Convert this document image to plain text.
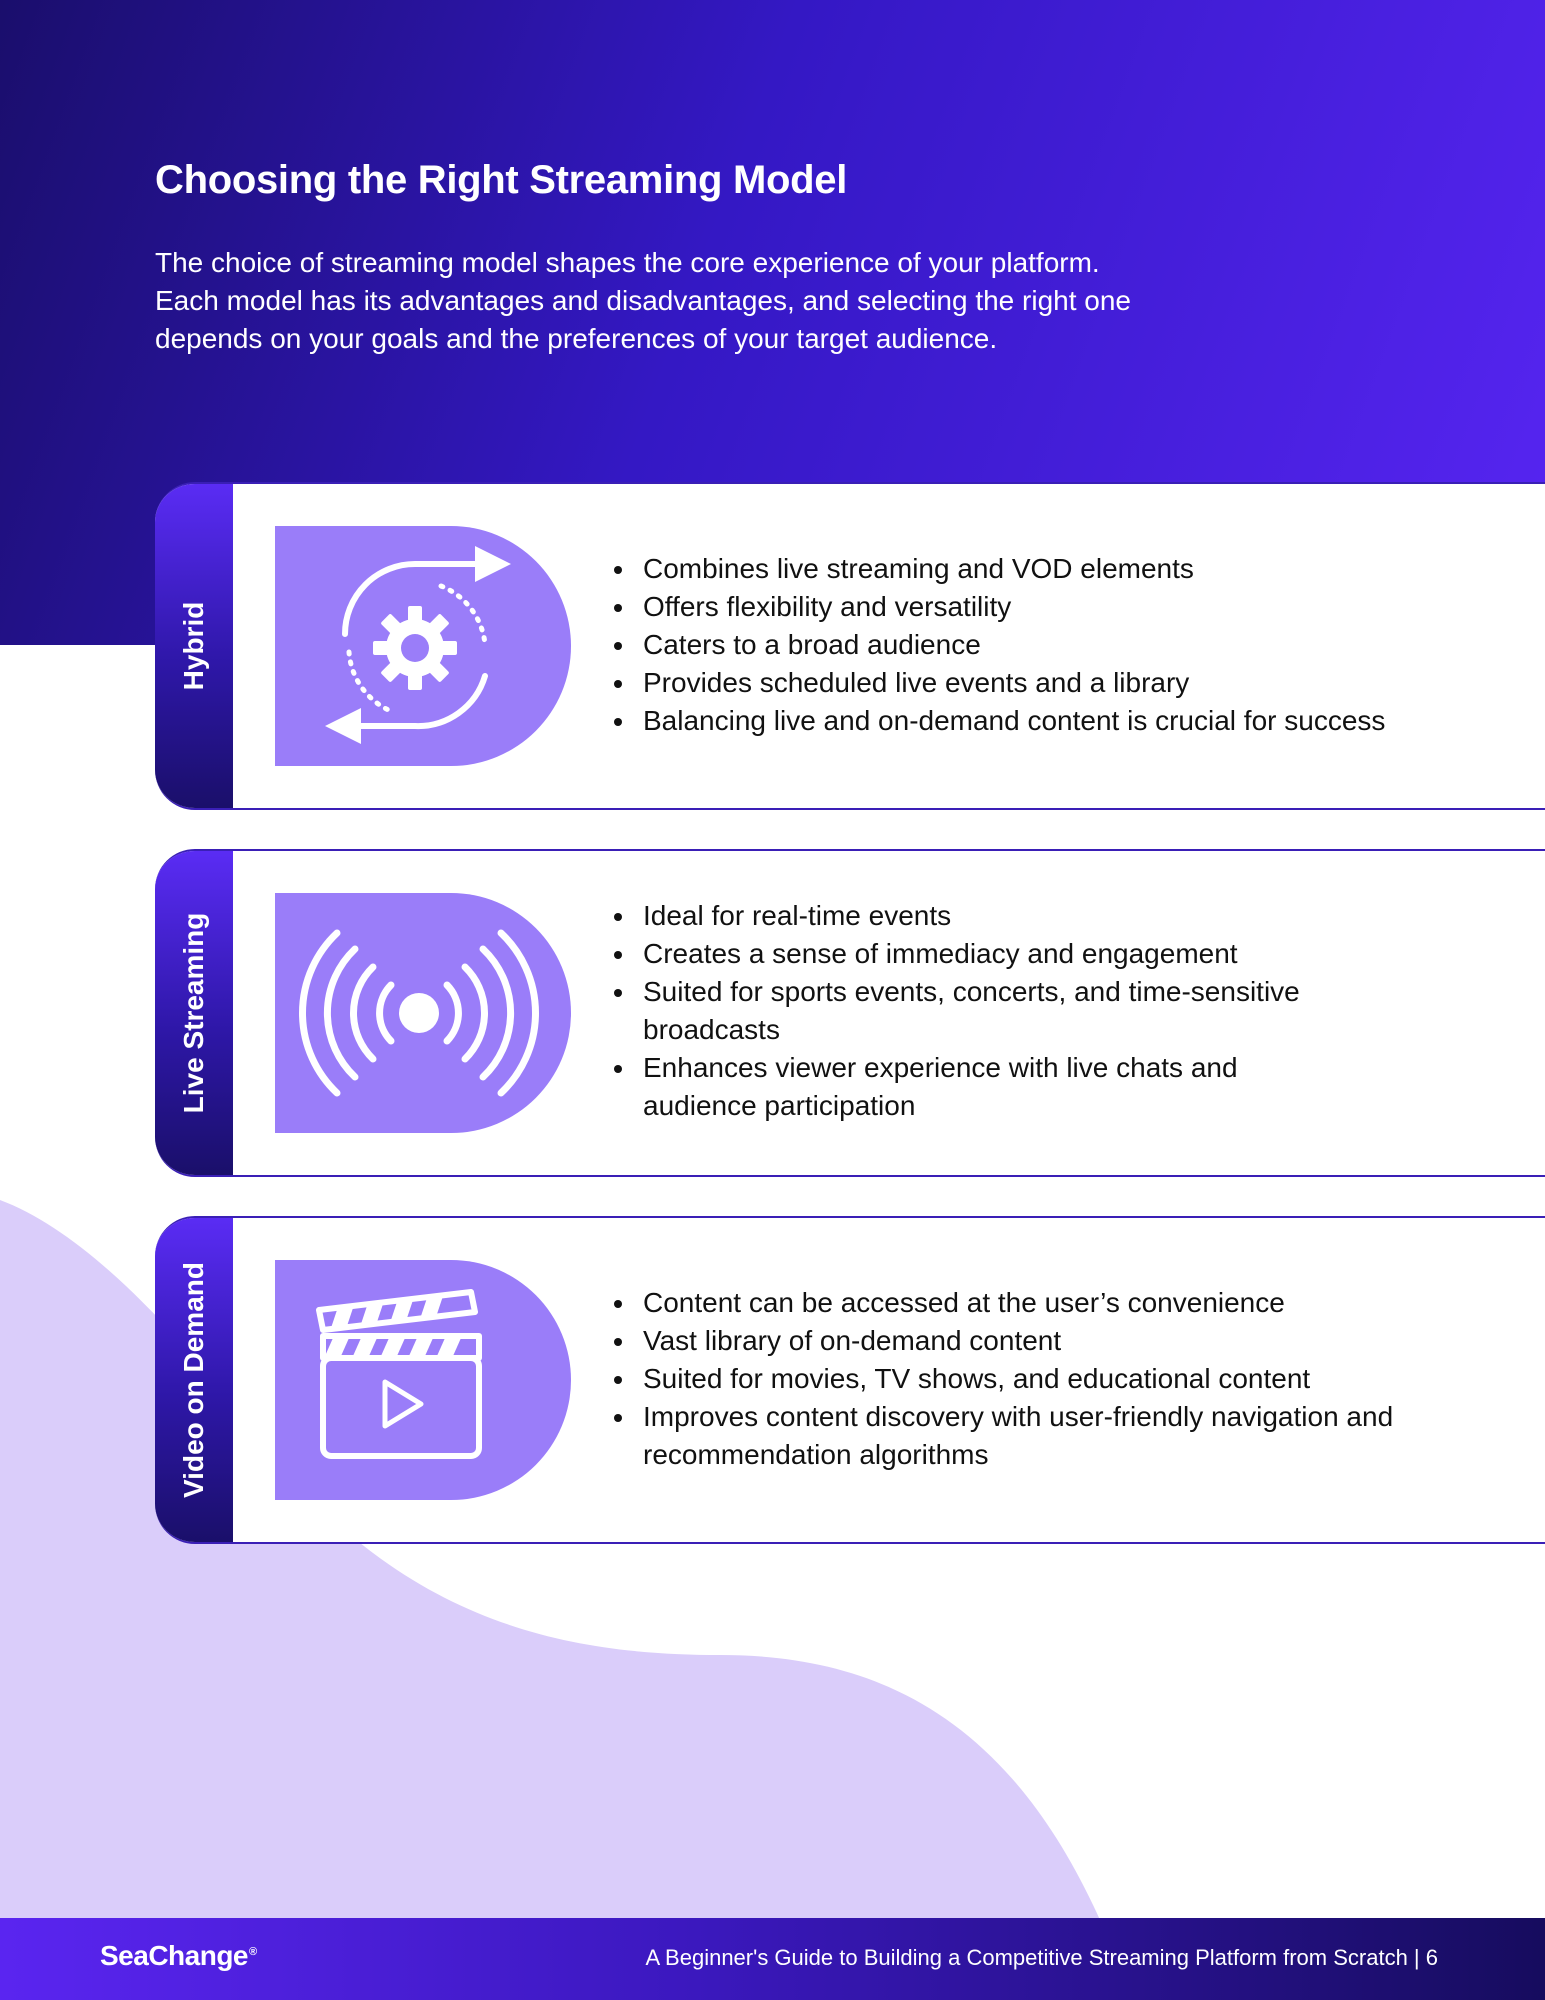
Choosing the Right Streaming Model

The choice of streaming model shapes the core experience of your platform.
Each model has its advantages and disadvantages, and selecting the right one
depends on your goals and the preferences of your target audience.

Hybrid
• Combines live streaming and VOD elements
• Offers flexibility and versatility
• Caters to a broad audience
• Provides scheduled live events and a library
• Balancing live and on-demand content is crucial for success
Live Streaming	• Ideal for real-time events
• Creates a sense of immediacy and engagement
• Suited for sports events, concerts, and time-sensitive broadcasts
• Enhances viewer experience with live chats and audience participation
Video on Demand	• Content can be accessed at the user’s convenience
• Vast library of on-demand content
• Suited for movies, TV shows, and educational content
• Improves content discovery with user-friendly navigation and recommendation algorithms
SeaChange®	A Beginner's Guide to Building a Competitive Streaming Platform from Scratch | 6
